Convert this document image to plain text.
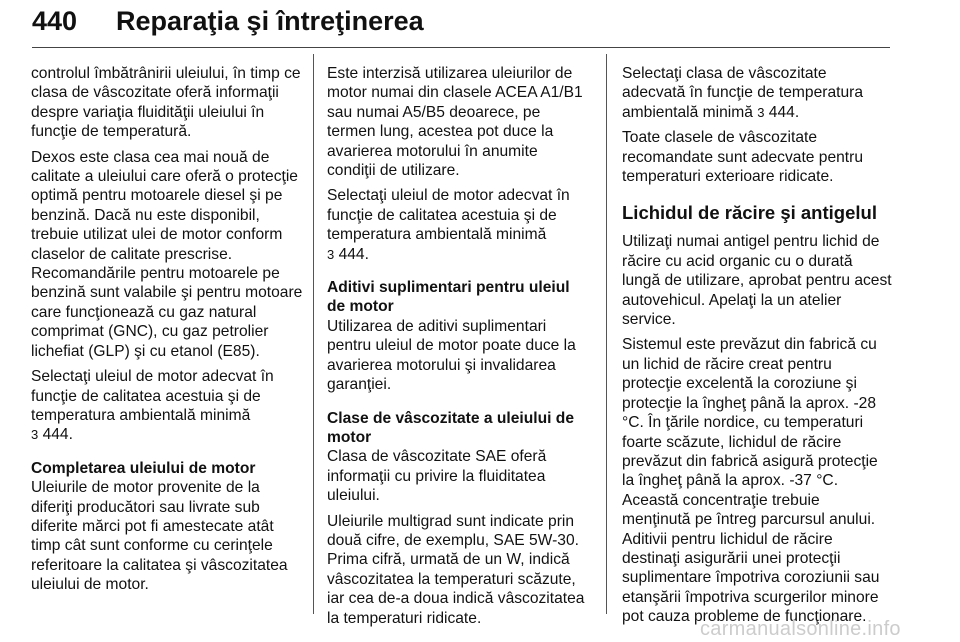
440 Reparaţia şi întreţinerea

controlul îmbătrânirii uleiului, în timp ce clasa de vâscozitate oferă informaţii despre variaţia fluidităţii uleiului în funcţie de temperatură.

Dexos este clasa cea mai nouă de calitate a uleiului care oferă o protecţie optimă pentru motoarele diesel şi pe benzină. Dacă nu este disponibil, trebuie utilizat ulei de motor conform claselor de calitate prescrise. Recomandările pentru motoarele pe benzină sunt valabile şi pentru motoare care funcţionează cu gaz natural comprimat (GNC), cu gaz petrolier lichefiat (GLP) şi cu etanol (E85).

Selectaţi uleiul de motor adecvat în funcţie de calitatea acestuia şi de temperatura ambientală minimă
3 444.

Completarea uleiului de motor

Uleiurile de motor provenite de la diferiţi producători sau livrate sub diferite mărci pot fi amestecate atât timp cât sunt conforme cu cerinţele referitoare la calitatea şi vâscozitatea uleiului de motor.

Este interzisă utilizarea uleiurilor de motor numai din clasele ACEA A1/B1 sau numai A5/B5 deoarece, pe termen lung, acestea pot duce la avarierea motorului în anumite condiţii de utilizare.

Selectaţi uleiul de motor adecvat în funcţie de calitatea acestuia şi de temperatura ambientală minimă
3 444.

Aditivi suplimentari pentru uleiul de motor

Utilizarea de aditivi suplimentari pentru uleiul de motor poate duce la avarierea motorului şi invalidarea garanţiei.

Clase de vâscozitate a uleiului de motor

Clasa de vâscozitate SAE oferă informaţii cu privire la fluiditatea uleiului.

Uleiurile multigrad sunt indicate prin două cifre, de exemplu, SAE 5W-30. Prima cifră, urmată de un W, indică vâscozitatea la temperaturi scăzute, iar cea de-a doua indică vâscozitatea la temperaturi ridicate.

Selectaţi clasa de vâscozitate adecvată în funcţie de temperatura ambientală minimă 3 444.

Toate clasele de vâscozitate recomandate sunt adecvate pentru temperaturi exterioare ridicate.

Lichidul de răcire şi antigelul

Utilizaţi numai antigel pentru lichid de răcire cu acid organic cu o durată lungă de utilizare, aprobat pentru acest autovehicul. Apelaţi la un atelier service.

Sistemul este prevăzut din fabrică cu un lichid de răcire creat pentru protecţie excelentă la coroziune şi protecţie la îngheţ până la aprox. -28 °C. În ţările nordice, cu temperaturi foarte scăzute, lichidul de răcire prevăzut din fabrică asigură protecţie la îngheţ până la aprox. -37 °C. Această concentraţie trebuie menţinută pe întreg parcursul anului. Aditivii pentru lichidul de răcire destinaţi asigurării unei protecţii suplimentare împotriva coroziunii sau etanşării împotriva scurgerilor minore pot cauza probleme de funcţionare.

carmanualsonline.info
